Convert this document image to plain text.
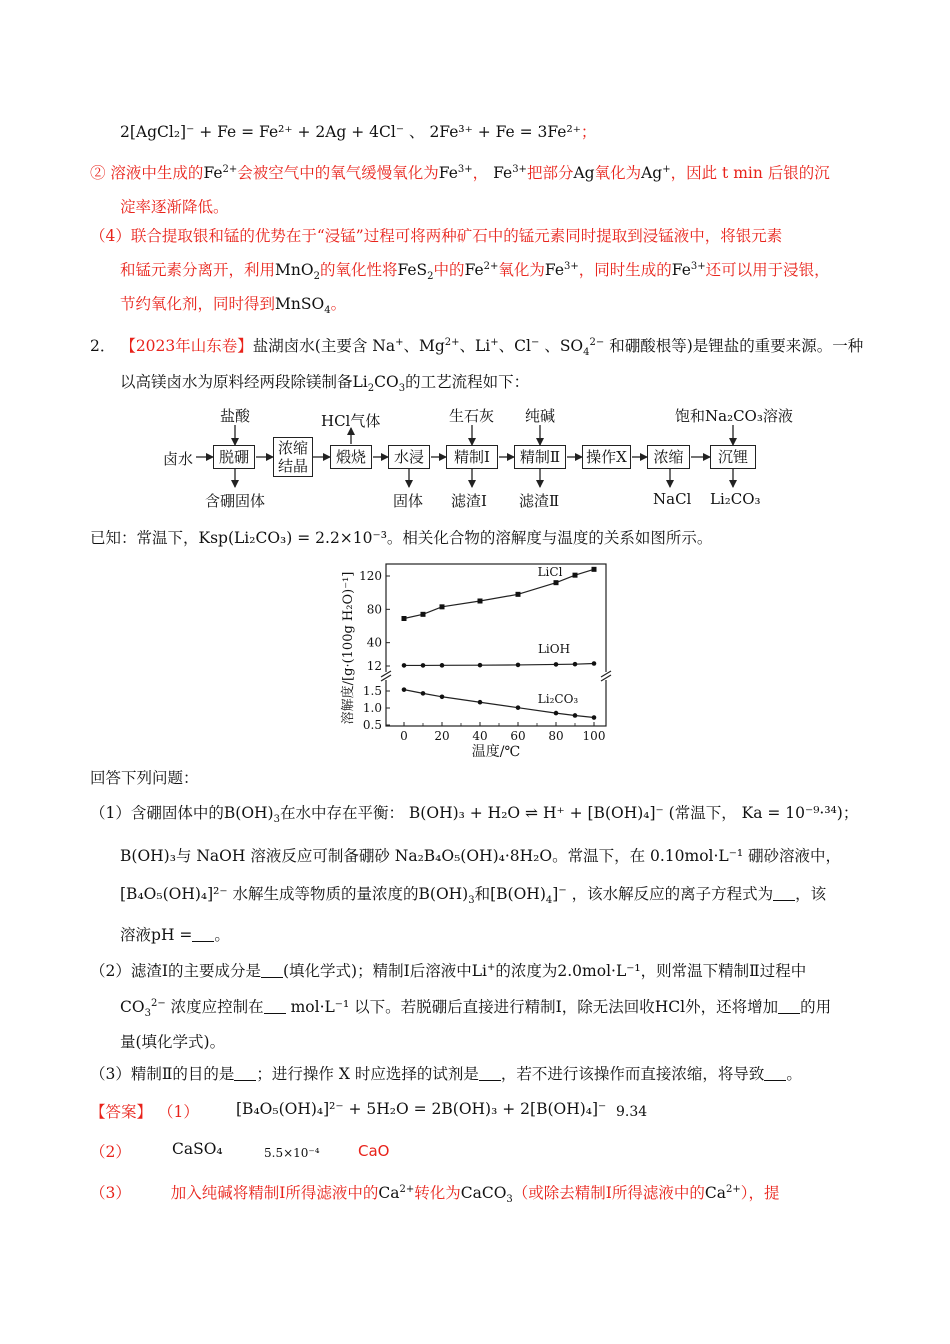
2[AgCl₂]⁻ + Fe = Fe²⁺ + 2Ag + 4Cl⁻ 、 2Fe³⁺ + Fe = 3Fe²⁺；
② 溶液中生成的$Fe^{2+}$会被空气中的氧气缓慢氧化为$Fe^{3+}$， $Fe^{3+}$把部分Ag氧化为Ag+，因此 t min 后银的沉
淀率逐渐降低。
（4）联合提取银和锰的优势在于“浸锰”过程可将两种矿石中的锰元素同时提取到浸锰液中，将银元素
和锰元素分离开，利用MnO$_2$的氧化性将FeS$_2$中的$Fe^{2+}$氧化为$Fe^{3+}$，同时生成的$Fe^{3+}$还可以用于浸银，
节约氧化剂，同时得到MnSO$_4$。
2． 【2023年山东卷】盐湖卤水(主要含 Na+、$Mg^{2+}$、Li+、Cl− 、$SO_4^{2-}$ 和硼酸根等)是锂盐的重要来源。一种
以高镁卤水为原料经两段除镁制备$Li_2CO_3$的工艺流程如下：
卤水	脱硼	浓缩
结晶	煅烧	水浸	精制Ⅰ	精制Ⅱ	操作X	浓缩	沉锂
盐酸	HCl气体	生石灰 纯碱	饱和Na₂CO₃溶液
含硼固体	固体 滤渣Ⅰ 滤渣Ⅱ	NaCl Li₂CO₃
已知：常温下，Ksp(Li₂CO₃) = 2.2×10⁻³。相关化合物的溶解度与温度的关系如图所示。
0 20 40 60 80 100
120
80
40
12
1.5
1.0
0.5
LiCl
LiOH
Li₂CO₃
溶解度/[g·(100g H₂O)⁻¹]
温度/℃
回答下列问题：
（1）含硼固体中的$B(OH)_3$在水中存在平衡： B(OH)₃ + H₂O ⇌ H⁺ + [B(OH)₄]⁻ (常温下， Ka = 10⁻⁹·³⁴)；
B(OH)₃与 NaOH 溶液反应可制备硼砂 Na₂B₄O₅(OH)₄·8H₂O。常温下，在 0.10mol·L⁻¹ 硼砂溶液中，
[B₄O₅(OH)₄]²⁻ 水解生成等物质的量浓度的$B(OH)_3$和$[B(OH)_4]^-$ ，该水解反应的离子方程式为 ，该
溶液pH = 。
（2）滤渣Ⅰ的主要成分是 (填化学式)；精制Ⅰ后溶液中Li+的浓度为2.0mol·L⁻¹，则常温下精制Ⅱ过程中
$CO_3^{2-}$ 浓度应控制在 mol·L⁻¹ 以下。若脱硼后直接进行精制Ⅰ，除无法回收HCl外，还将增加 的用
量(填化学式)。
（3）精制Ⅱ的目的是 ；进行操作 X 时应选择的试剂是 ，若不进行该操作而直接浓缩，将导致 。
【答案】 （1） [B₄O₅(OH)₄]²⁻ + 5H₂O = 2B(OH)₃ + 2[B(OH)₄]⁻ 9.34
（2）	CaSO₄	5.5×10⁻⁴	CaO
（3）	加入纯碱将精制Ⅰ所得滤液中的$Ca^{2+}$转化为CaCO$_3$（或除去精制Ⅰ所得滤液中的$Ca^{2+}$），提
